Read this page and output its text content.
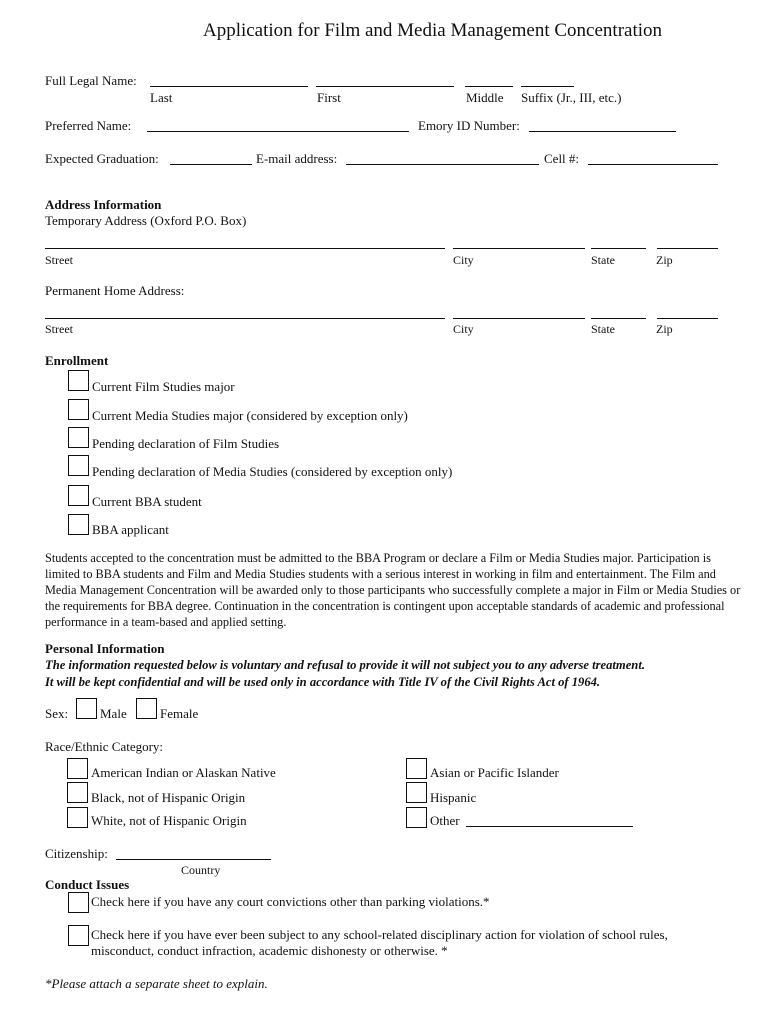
Application for Film and Media Management Concentration
Full Legal Name:
Last	First	Middle Suffix (Jr., III, etc.)
Preferred Name:	Emory ID Number:
Expected Graduation:	E-mail address:	Cell #:
Address Information
Temporary Address (Oxford P.O. Box)
Street	City	State	Zip
Permanent Home Address:
Street	City	State	Zip
Enrollment
Current Film Studies major
Current Media Studies major (considered by exception only)
Pending declaration of Film Studies
Pending declaration of Media Studies (considered by exception only)
Current BBA student
BBA applicant
Students accepted to the concentration must be admitted to the BBA Program or declare a Film or Media Studies major. Participation is limited to BBA students and Film and Media Studies students with a serious interest in working in film and entertainment. The Film and Media Management Concentration will be awarded only to those participants who successfully complete a major in Film or Media Studies or the requirements for BBA degree. Continuation in the concentration is contingent upon acceptable standards of academic and professional performance in a team-based and applied setting.
Personal Information
The information requested below is voluntary and refusal to provide it will not subject you to any adverse treatment.
It will be kept confidential and will be used only in accordance with Title IV of the Civil Rights Act of 1964.
Sex: Male	Female
Race/Ethnic Category:
American Indian or Alaskan Native
Black, not of Hispanic Origin
White, not of Hispanic Origin
Asian or Pacific Islander
Hispanic
Other
Citizenship:
Country
Conduct Issues
Check here if you have any court convictions other than parking violations.*
Check here if you have ever been subject to any school-related disciplinary action for violation of school rules, misconduct, conduct infraction, academic dishonesty or otherwise. *
*Please attach a separate sheet to explain.
